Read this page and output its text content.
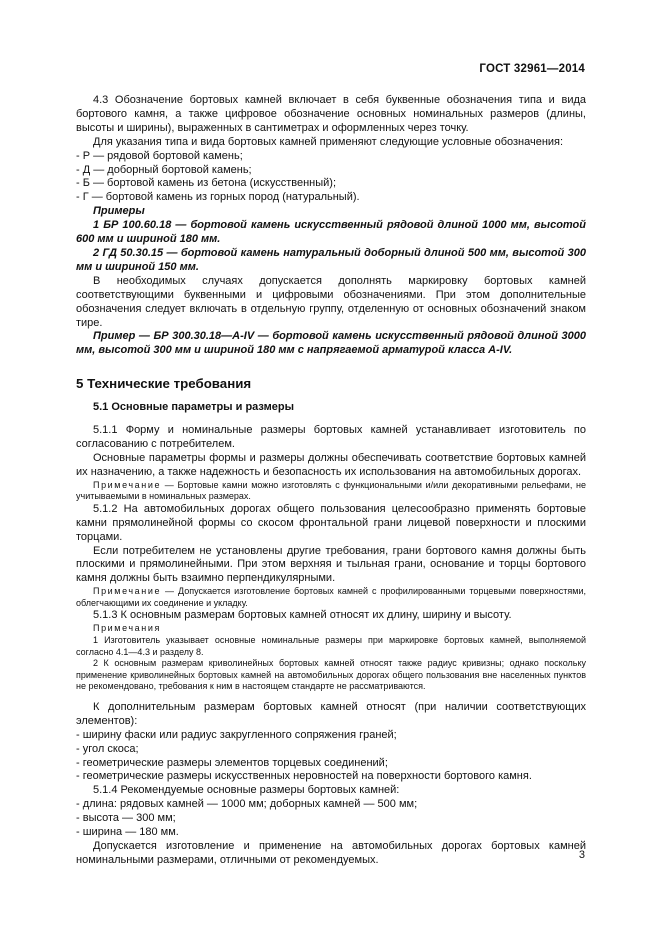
ГОСТ 32961—2014

4.3 Обозначение бортовых камней включает в себя буквенные обозначения типа и вида бортового камня, а также цифровое обозначение основных номинальных размеров (длины, высоты и ширины), выраженных в сантиметрах и оформленных через точку.

Для указания типа и вида бортовых камней применяют следующие условные обозначения:

- Р — рядовой бортовой камень;

- Д — доборный бортовой камень;

- Б — бортовой камень из бетона (искусственный);

- Г — бортовой камень из горных пород (натуральный).

Примеры

1 БР 100.60.18 — бортовой камень искусственный рядовой длиной 1000 мм, высотой 600 мм и шириной 180 мм.

2 ГД 50.30.15 — бортовой камень натуральный доборный длиной 500 мм, высотой 300 мм и шириной 150 мм.

В необходимых случаях допускается дополнять маркировку бортовых камней соответствующими буквенными и цифровыми обозначениями. При этом дополнительные обозначения следует включать в отдельную группу, отделенную от основных обозначений знаком тире.

Пример — БР 300.30.18—А-IV — бортовой камень искусственный рядовой длиной 3000 мм, высотой 300 мм и шириной 180 мм с напрягаемой арматурой класса А-IV.

5 Технические требования
5.1 Основные параметры и размеры

5.1.1 Форму и номинальные размеры бортовых камней устанавливает изготовитель по согласованию с потребителем.

Основные параметры формы и размеры должны обеспечивать соответствие бортовых камней их назначению, а также надежность и безопасность их использования на автомобильных дорогах.

Примечание — Бортовые камни можно изготовлять с функциональными и/или декоративными рельефами, не учитываемыми в номинальных размерах.

5.1.2 На автомобильных дорогах общего пользования целесообразно применять бортовые камни прямолинейной формы со скосом фронтальной грани лицевой поверхности и плоскими торцами.

Если потребителем не установлены другие требования, грани бортового камня должны быть плоскими и прямолинейными. При этом верхняя и тыльная грани, основание и торцы бортового камня должны быть взаимно перпендикулярными.

Примечание — Допускается изготовление бортовых камней с профилированными торцевыми поверхностями, облегчающими их соединение и укладку.

5.1.3 К основным размерам бортовых камней относят их длину, ширину и высоту.

Примечания

1 Изготовитель указывает основные номинальные размеры при маркировке бортовых камней, выполняемой согласно 4.1—4.3 и разделу 8.

2 К основным размерам криволинейных бортовых камней относят также радиус кривизны; однако поскольку применение криволинейных бортовых камней на автомобильных дорогах общего пользования вне населенных пунктов не рекомендовано, требования к ним в настоящем стандарте не рассматриваются.

К дополнительным размерам бортовых камней относят (при наличии соответствующих элементов):

- ширину фаски или радиус закругленного сопряжения граней;

- угол скоса;

- геометрические размеры элементов торцевых соединений;

- геометрические размеры искусственных неровностей на поверхности бортового камня.

5.1.4 Рекомендуемые основные размеры бортовых камней:

- длина: рядовых камней — 1000 мм; доборных камней — 500 мм;

- высота — 300 мм;

- ширина — 180 мм.

Допускается изготовление и применение на автомобильных дорогах бортовых камней номинальными размерами, отличными от рекомендуемых.	3
